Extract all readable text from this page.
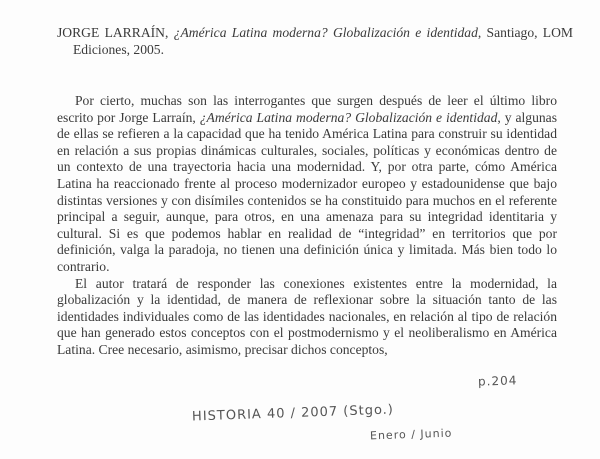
JORGE LARRAÍN, ¿América Latina moderna? Globalización e identidad, Santiago, LOM Ediciones, 2005.

Por cierto, muchas son las interrogantes que surgen después de leer el último libro escrito por Jorge Larraín, ¿América Latina moderna? Globalización e identidad, y algunas de ellas se refieren a la capacidad que ha tenido América Latina para construir su identidad en relación a sus propias dinámicas culturales, sociales, políticas y económicas dentro de un contexto de una trayectoria hacia una modernidad. Y, por otra parte, cómo América Latina ha reaccionado frente al proceso modernizador europeo y estadounidense que bajo distintas versiones y con disímiles contenidos se ha constituido para muchos en el referente principal a seguir, aunque, para otros, en una amenaza para su integridad identitaria y cultural. Si es que podemos hablar en realidad de “integridad” en territorios que por definición, valga la paradoja, no tienen una definición única y limitada. Más bien todo lo contrario.

El autor tratará de responder las conexiones existentes entre la modernidad, la globalización y la identidad, de manera de reflexionar sobre la situación tanto de las identidades individuales como de las identidades nacionales, en relación al tipo de relación que han generado estos conceptos con el postmodernismo y el neoliberalismo en América Latina. Cree necesario, asimismo, precisar dichos conceptos,

p.204
HISTORIA 40 / 2007 (Stgo.)
Enero / Junio
